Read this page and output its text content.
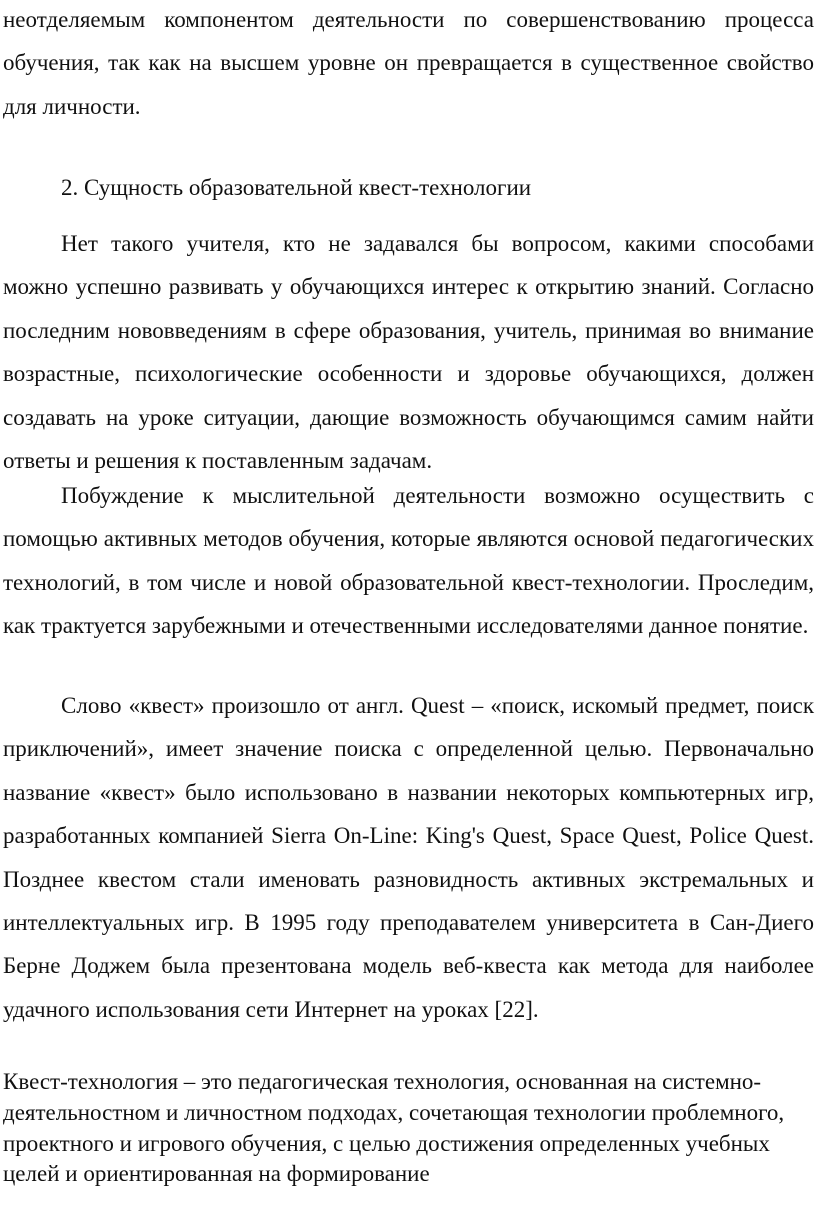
неотделяемым компонентом деятельности по совершенствованию процесса обучения, так как на высшем уровне он превращается в существенное свойство для личности.

2. Сущность образовательной квест-технологии

Нет такого учителя, кто не задавался бы вопросом, какими способами можно успешно развивать у обучающихся интерес к открытию знаний. Согласно последним нововведениям в сфере образования, учитель, принимая во внимание возрастные, психологические особенности и здоровье обучающихся, должен создавать на уроке ситуации, дающие возможность обучающимся самим найти ответы и решения к поставленным задачам.

Побуждение к мыслительной деятельности возможно осуществить с помощью активных методов обучения, которые являются основой педагогических технологий, в том числе и новой образовательной квест-технологии. Проследим, как трактуется зарубежными и отечественными исследователями данное понятие.

Слово «квест» произошло от англ. Quest – «поиск, искомый предмет, поиск приключений», имеет значение поиска с определенной целью. Первоначально название «квест» было использовано в названии некоторых компьютерных игр, разработанных компанией Sierra On-Line: King's Quest, Space Quest, Police Quest. Позднее квестом стали именовать разновидность активных экстремальных и интеллектуальных игр. В 1995 году преподавателем университета в Сан-Диего Берне Доджем была презентована модель веб-квеста как метода для наиболее удачного использования сети Интернет на уроках [22].

Квест-технология – это педагогическая технология, основанная на системно-деятельностном и личностном подходах, сочетающая технологии проблемного, проектного и игрового обучения, с целью достижения определенных учебных целей и ориентированная на формирование
